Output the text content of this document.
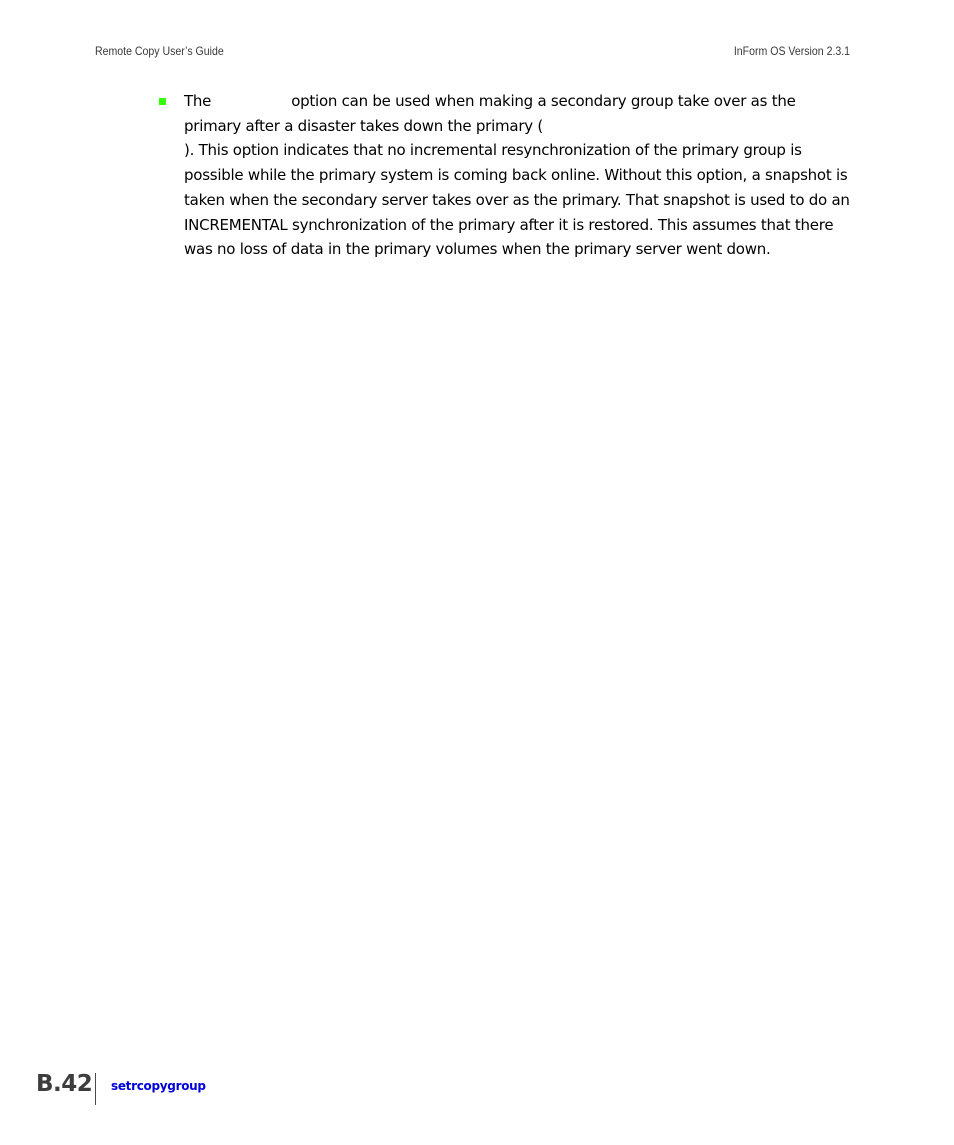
Remote Copy User’s Guide	InForm OS Version 2.3.1

The	option can be used when making a secondary group take over as the primary after a disaster takes down the primary (). This option indicates that no incremental resynchronization of the primary group is possible while the primary system is coming back online. Without this option, a snapshot is taken when the secondary server takes over as the primary. That snapshot is used to do an INCREMENTAL synchronization of the primary after it is restored. This assumes that there was no loss of data in the primary volumes when the primary server went down.

B.42 setrcopygroup
